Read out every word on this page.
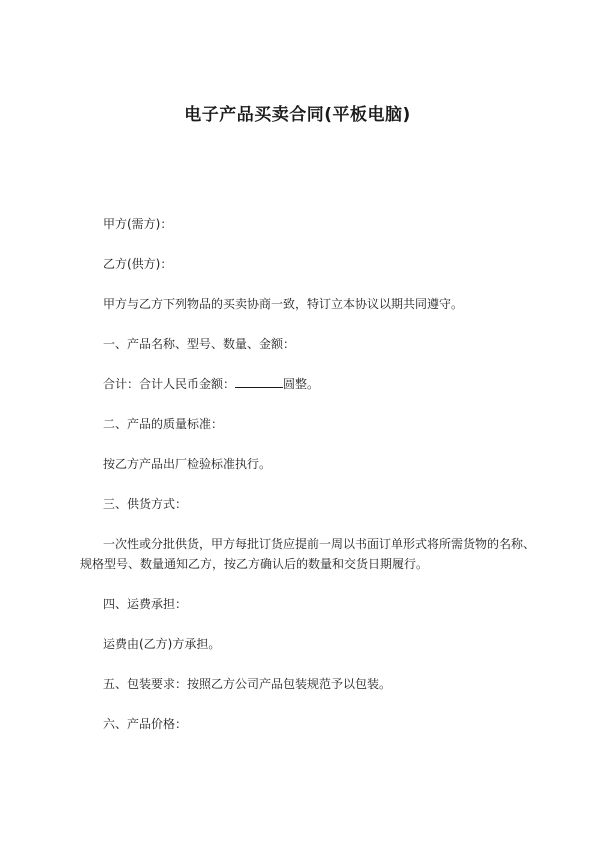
电子产品买卖合同(平板电脑)
甲方(需方)：
乙方(供方)：
甲方与乙方下列物品的买卖协商一致，特订立本协议以期共同遵守。
一、产品名称、型号、数量、金额：
合计：合计人民币金额：	圆整。
二、产品的质量标准：
按乙方产品出厂检验标准执行。
三、供货方式：
一次性或分批供货，甲方每批订货应提前一周以书面订单形式将所需货物的名称、
规格型号、数量通知乙方，按乙方确认后的数量和交货日期履行。
四、运费承担：
运费由(乙方)方承担。
五、包装要求：按照乙方公司产品包装规范予以包装。
六、产品价格：
